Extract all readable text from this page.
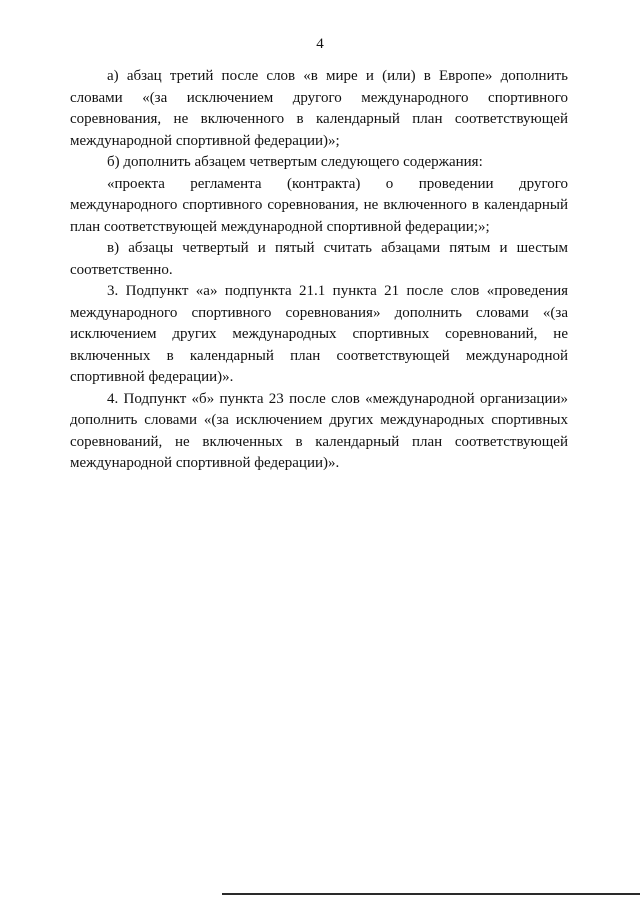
4

а) абзац третий после слов «в мире и (или) в Европе» дополнить словами «(за исключением другого международного спортивного соревнования, не включенного в календарный план соответствующей международной спортивной федерации)»;

б) дополнить абзацем четвертым следующего содержания:

«проекта регламента (контракта) о проведении другого международного спортивного соревнования, не включенного в календарный план соответствующей международной спортивной федерации;»;

в) абзацы четвертый и пятый считать абзацами пятым и шестым соответственно.

3. Подпункт «а» подпункта 21.1 пункта 21 после слов «проведения международного спортивного соревнования» дополнить словами «(за исключением других международных спортивных соревнований, не включенных в календарный план соответствующей международной спортивной федерации)».

4. Подпункт «б» пункта 23 после слов «международной организации» дополнить словами «(за исключением других международных спортивных соревнований, не включенных в календарный план соответствующей международной спортивной федерации)».
